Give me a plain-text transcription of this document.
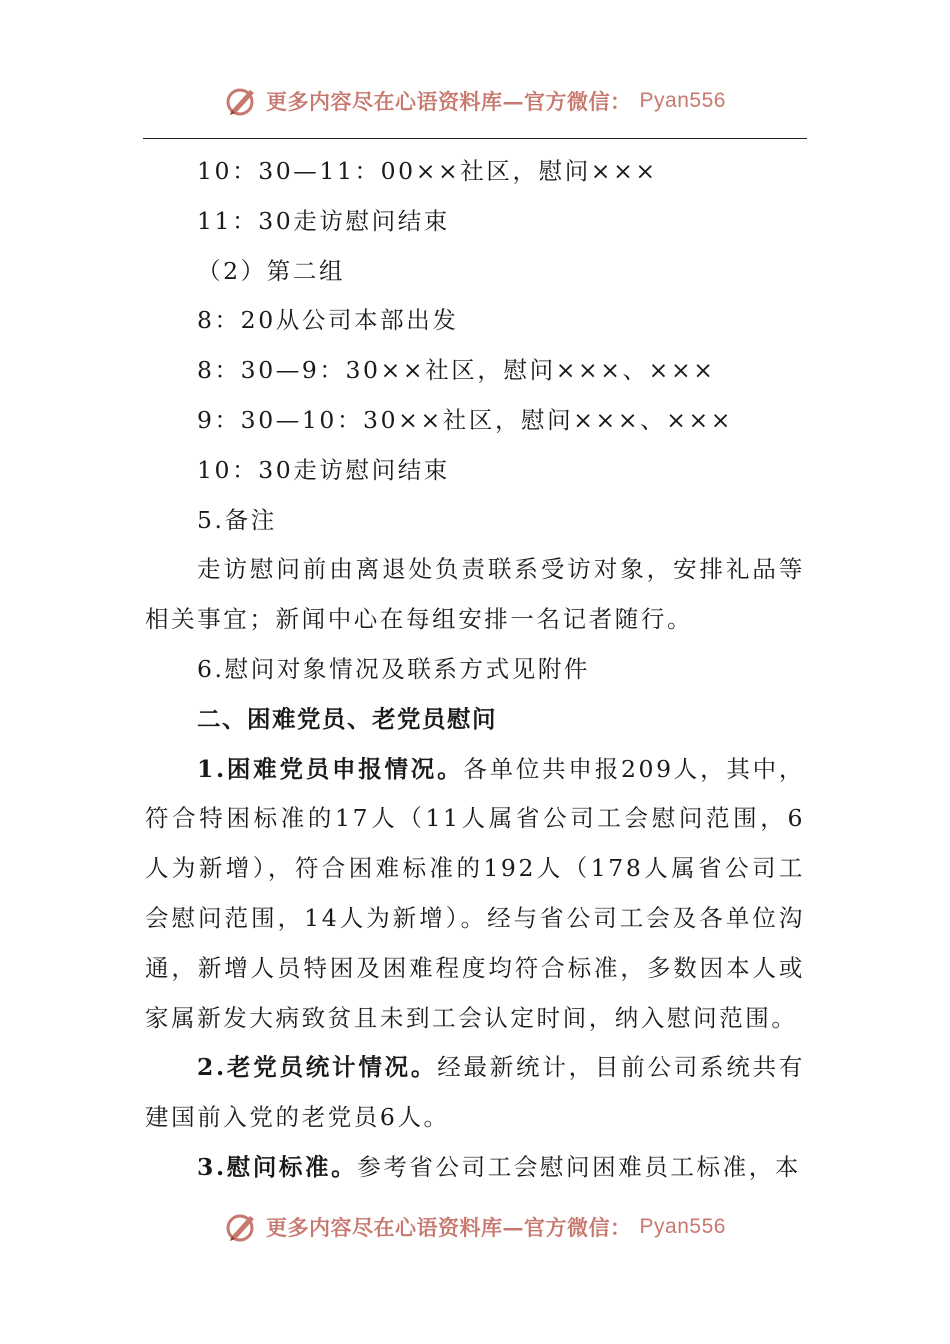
更多内容尽在心语资料库—官方微信： Pyan556
10：30—11：00××社区，慰问×××
11：30走访慰问结束
（2）第二组
8：20从公司本部出发
8：30—9：30××社区，慰问×××、×××
9：30—10：30××社区，慰问×××、×××
10：30走访慰问结束
5.备注

走访慰问前由离退处负责联系受访对象，安排礼品等相关事宜；新闻中心在每组安排一名记者随行。

6.慰问对象情况及联系方式见附件

二、困难党员、老党员慰问

1.困难党员申报情况。各单位共申报209人，其中，符合特困标准的17人（11人属省公司工会慰问范围，6人为新增），符合困难标准的192人（178人属省公司工会慰问范围，14人为新增）。经与省公司工会及各单位沟通，新增人员特困及困难程度均符合标准，多数因本人或家属新发大病致贫且未到工会认定时间，纳入慰问范围。

2.老党员统计情况。经最新统计，目前公司系统共有建国前入党的老党员6人。

3.慰问标准。参考省公司工会慰问困难员工标准，本

更多内容尽在心语资料库—官方微信： Pyan556
